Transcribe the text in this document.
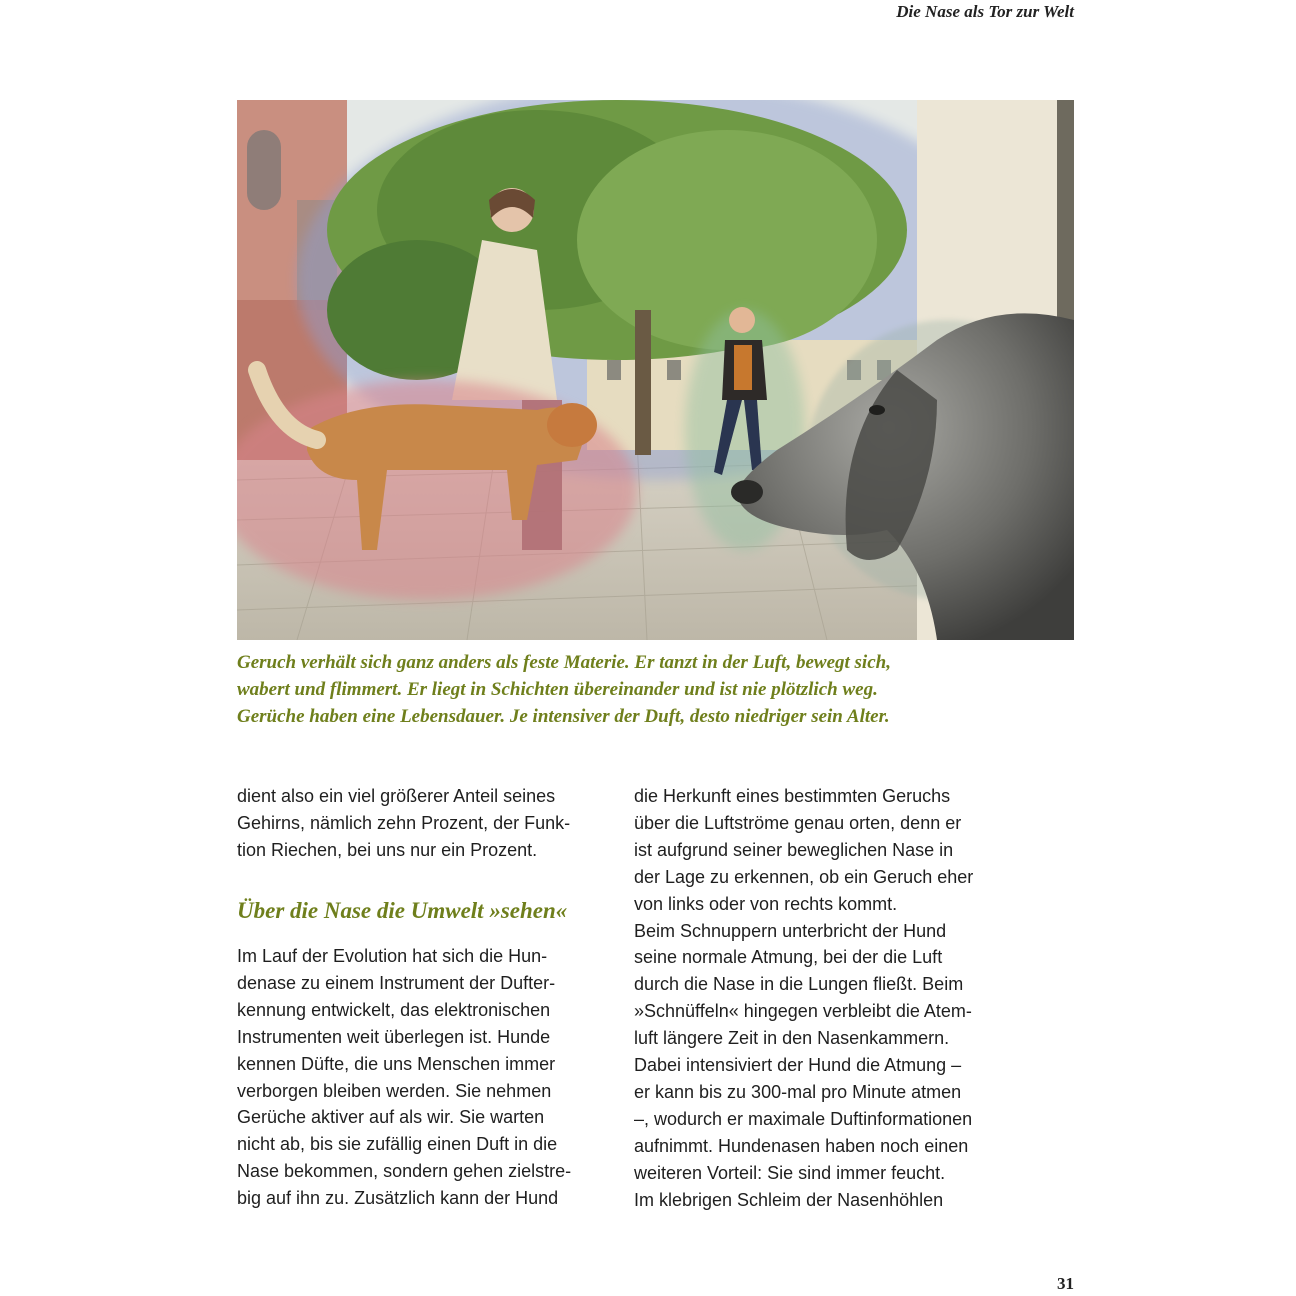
Die Nase als Tor zur Welt
Geruch verhält sich ganz anders als feste Materie. Er tanzt in der Luft, bewegt sich,
wabert und flimmert. Er liegt in Schichten übereinander und ist nie plötzlich weg.
Gerüche haben eine Lebensdauer. Je intensiver der Duft, desto niedriger sein Alter.
dient also ein viel größerer Anteil seines
Gehirns, nämlich zehn Prozent, der Funk-
tion Riechen, bei uns nur ein Prozent.
Über die Nase die Umwelt »sehen«
Im Lauf der Evolution hat sich die Hun-
denase zu einem Instrument der Dufter-
kennung entwickelt, das elektronischen
Instrumenten weit überlegen ist. Hunde
kennen Düfte, die uns Menschen immer
verborgen bleiben werden. Sie nehmen
Gerüche aktiver auf als wir. Sie warten
nicht ab, bis sie zufällig einen Duft in die
Nase bekommen, sondern gehen zielstre-
big auf ihn zu. Zusätzlich kann der Hund
die Herkunft eines bestimmten Geruchs
über die Luftströme genau orten, denn er
ist aufgrund seiner beweglichen Nase in
der Lage zu erkennen, ob ein Geruch eher
von links oder von rechts kommt.
Beim Schnuppern unterbricht der Hund
seine normale Atmung, bei der die Luft
durch die Nase in die Lungen fließt. Beim
»Schnüffeln« hingegen verbleibt die Atem-
luft längere Zeit in den Nasenkammern.
Dabei intensiviert der Hund die Atmung –
er kann bis zu 300-mal pro Minute atmen
–, wodurch er maximale Duftinformationen
aufnimmt. Hundenasen haben noch einen
weiteren Vorteil: Sie sind immer feucht.
Im klebrigen Schleim der Nasenhöhlen
31
